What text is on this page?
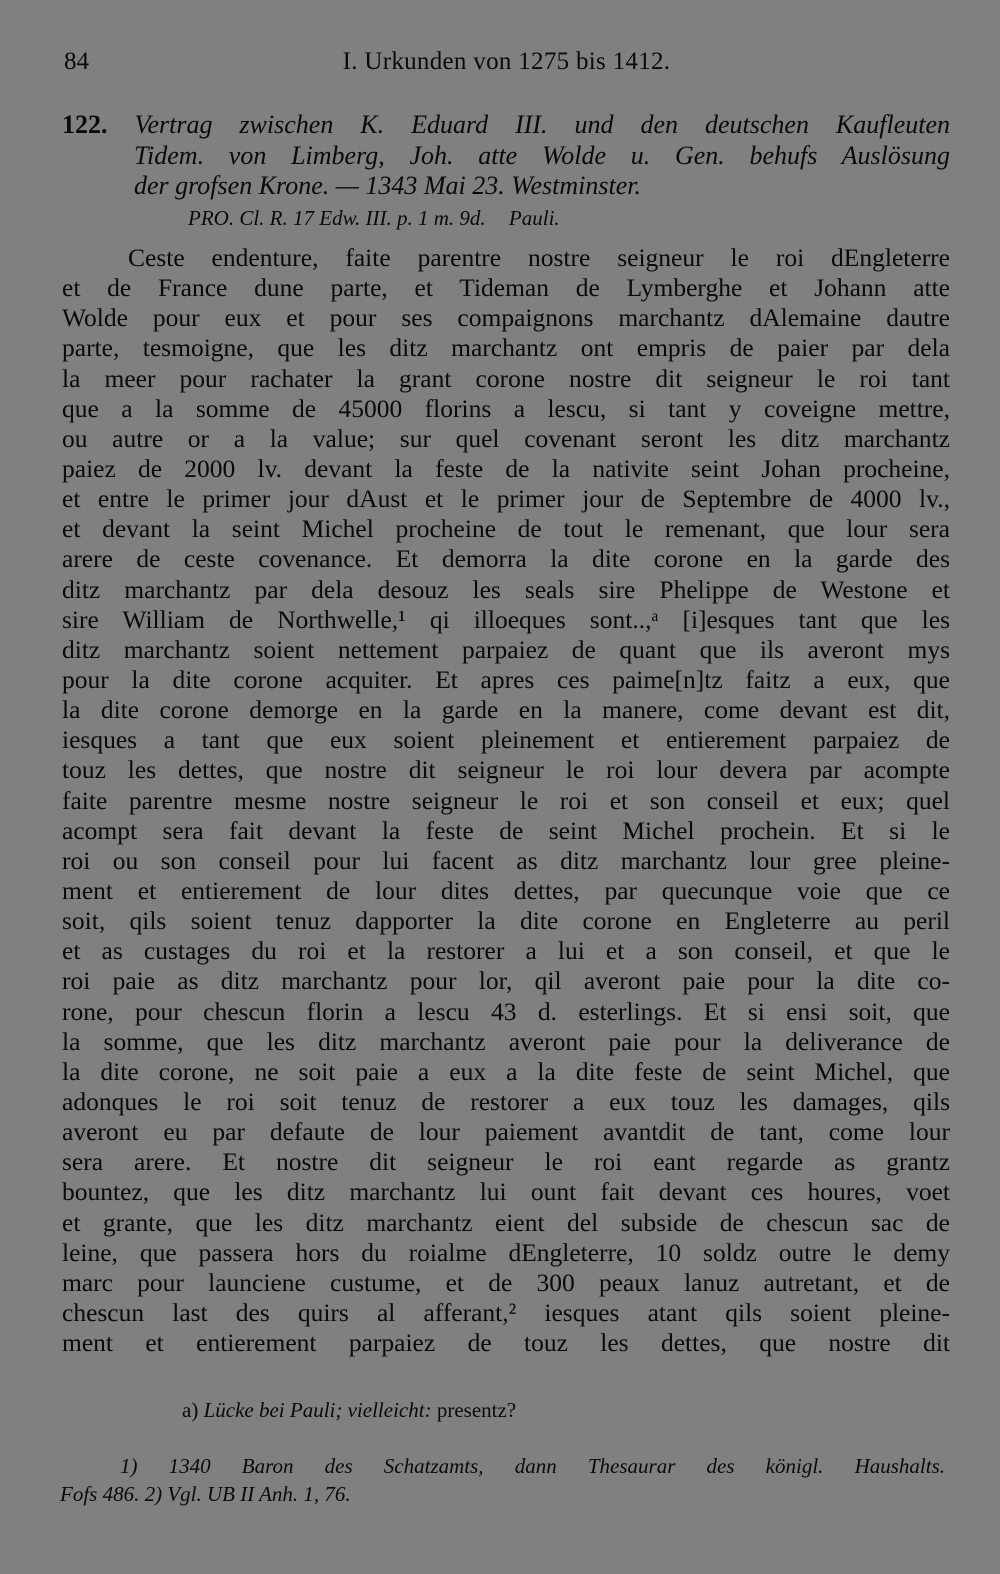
84	I. Urkunden von 1275 bis 1412.
122. Vertrag zwischen K. Eduard III. und den deutschen Kaufleuten
Tidem. von Limberg, Joh. atte Wolde u. Gen. behufs Auslösung
der grofsen Krone. — 1343 Mai 23. Westminster.
PRO. Cl. R. 17 Edw. III. p. 1 m. 9d. Pauli.
Ceste endenture, faite parentre nostre seigneur le roi dEngleterre
et de France dune parte, et Tideman de Lymberghe et Johann atte
Wolde pour eux et pour ses compaignons marchantz dAlemaine dautre
parte, tesmoigne, que les ditz marchantz ont empris de paier par dela
la meer pour rachater la grant corone nostre dit seigneur le roi tant
que a la somme de 45000 florins a lescu, si tant y coveigne mettre,
ou autre or a la value; sur quel covenant seront les ditz marchantz
paiez de 2000 lv. devant la feste de la nativite seint Johan procheine,
et entre le primer jour dAust et le primer jour de Septembre de 4000 lv.,
et devant la seint Michel procheine de tout le remenant, que lour sera
arere de ceste covenance. Et demorra la dite corone en la garde des
ditz marchantz par dela desouz les seals sire Phelippe de Westone et
sire William de Northwelle,¹ qi illoeques sont..,ᵃ [i]esques tant que les
ditz marchantz soient nettement parpaiez de quant que ils averont mys
pour la dite corone acquiter. Et apres ces paime[n]tz faitz a eux, que
la dite corone demorge en la garde en la manere, come devant est dit,
iesques a tant que eux soient pleinement et entierement parpaiez de
touz les dettes, que nostre dit seigneur le roi lour devera par acompte
faite parentre mesme nostre seigneur le roi et son conseil et eux; quel
acompt sera fait devant la feste de seint Michel prochein. Et si le
roi ou son conseil pour lui facent as ditz marchantz lour gree pleine-
ment et entierement de lour dites dettes, par quecunque voie que ce
soit, qils soient tenuz dapporter la dite corone en Engleterre au peril
et as custages du roi et la restorer a lui et a son conseil, et que le
roi paie as ditz marchantz pour lor, qil averont paie pour la dite co-
rone, pour chescun florin a lescu 43 d. esterlings. Et si ensi soit, que
la somme, que les ditz marchantz averont paie pour la deliverance de
la dite corone, ne soit paie a eux a la dite feste de seint Michel, que
adonques le roi soit tenuz de restorer a eux touz les damages, qils
averont eu par defaute de lour paiement avantdit de tant, come lour
sera arere. Et nostre dit seigneur le roi eant regarde as grantz
bountez, que les ditz marchantz lui ount fait devant ces houres, voet
et grante, que les ditz marchantz eient del subside de chescun sac de
leine, que passera hors du roialme dEngleterre, 10 soldz outre le demy
marc pour launciene custume, et de 300 peaux lanuz autretant, et de
chescun last des quirs al afferant,² iesques atant qils soient pleine-
ment et entierement parpaiez de touz les dettes, que nostre dit
a) Lücke bei Pauli; vielleicht: presentz?
1) 1340 Baron des Schatzamts, dann Thesaurar des königl. Haushalts.
Fofs 486. 2) Vgl. UB II Anh. 1, 76.
